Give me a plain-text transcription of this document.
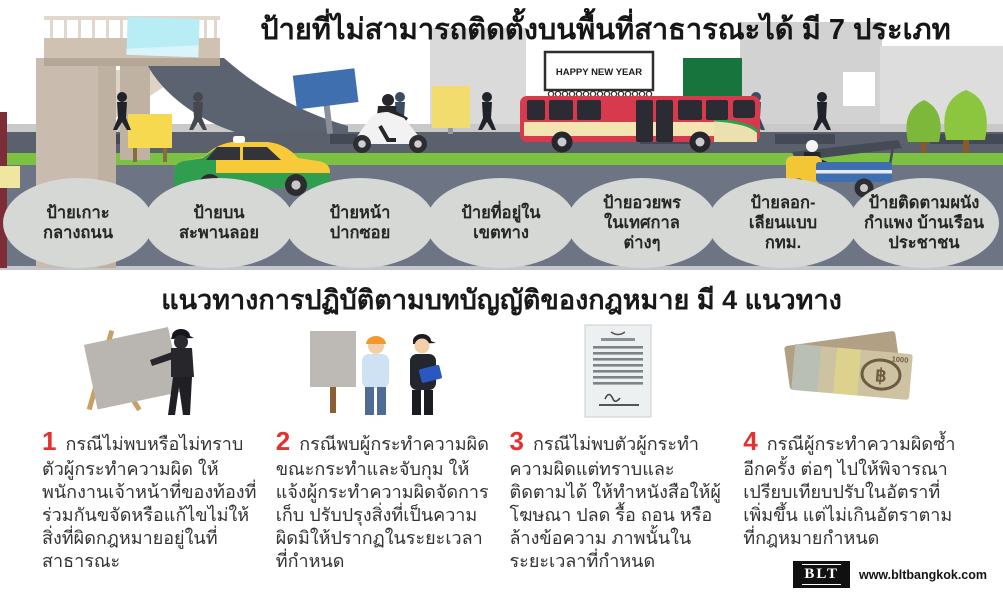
HAPPY NEW YEAR
ป้ายที่ไม่สามารถติดตั้งบนพื้นที่สาธารณะได้ มี 7 ประเภท
ป้ายเกาะ
กลางถนน
ป้ายบน
สะพานลอย
ป้ายหน้า
ปากซอย
ป้ายที่อยู่ใน
เขตทาง
ป้ายอวยพร
ในเทศกาล
ต่างๆ
ป้ายลอก-
เลียนแบบ
กทม.
ป้ายติดตามผนัง
กำแพง บ้านเรือน
ประชาชน
แนวทางการปฏิบัติตามบทบัญญัติของกฎหมาย มี 4 แนวทาง

1 กรณีไม่พบหรือไม่ทราบตัวผู้กระทำความผิด ให้พนักงานเจ้าหน้าที่ของท้องที่ร่วมกันขจัดหรือแก้ไขไม่ให้สิ่งที่ผิดกฎหมายอยู่ในที่สาธารณะ

2 กรณีพบผู้กระทำความผิดขณะกระทำและจับกุม ให้แจ้งผู้กระทำความผิดจัดการเก็บ ปรับปรุงสิ่งที่เป็นความผิดมิให้ปรากฏในระยะเวลาที่กำหนด

3 กรณีไม่พบตัวผู้กระทำความผิดแต่ทราบและติดตามได้ ให้ทำหนังสือให้ผู้โฆษณา ปลด รื้อ ถอน หรือล้างข้อความ ภาพนั้นในระยะเวลาที่กำหนด

฿
1000

4 กรณีผู้กระทำความผิดซ้ำอีกครั้ง ต่อๆ ไปให้พิจารณาเปรียบเทียบปรับในอัตราที่เพิ่มขึ้น แต่ไม่เกินอัตราตามที่กฎหมายกำหนด

BLT	www.bltbangkok.com
